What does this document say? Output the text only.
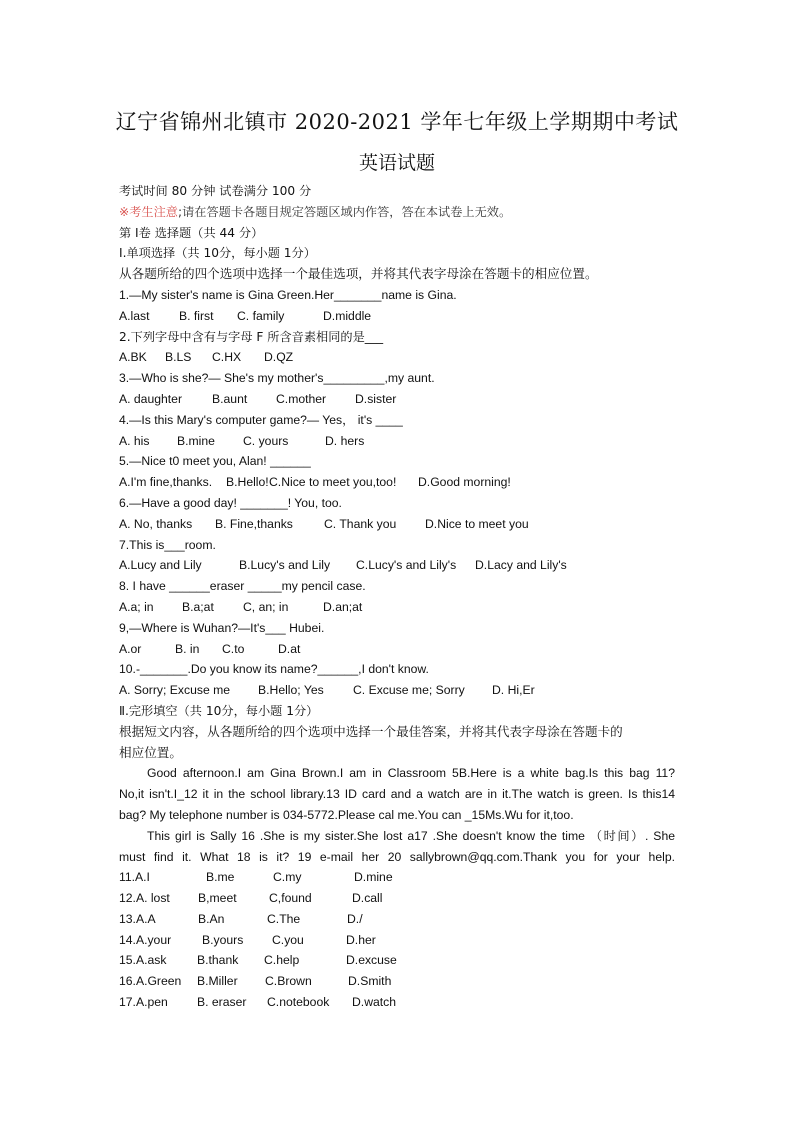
辽宁省锦州北镇市 2020-2021 学年七年级上学期期中考试
英语试题
考试时间 80 分钟 试卷满分 100 分
※考生注意;请在答题卡各题目规定答题区域内作答，答在本试卷上无效。
第 Ⅰ卷 选择题（共 44 分）
I.单项选择（共 10分，每小题 1分）
从各题所给的四个选项中选择一个最佳选项，并将其代表字母涂在答题卡的相应位置。
1.—My sister's name is Gina Green.Her_______name is Gina.
A.last B. first C. family	D.middle
2.下列字母中含有与字母 F 所含音素相同的是___
A.BK B.LS C.HX D.QZ
3.—Who is she?— She's my mother's_________,my aunt.
A. daughter B.aunt C.mother D.sister
4.—Is this Mary's computer game?— Yes， it's ____
A. his B.mine C. yours	D. hers
5.—Nice t0 meet you, Alan! ______
A.I'm fine,thanks. B.Hello!C.Nice to meet you,too! D.Good morning!
6.—Have a good day! _______! You, too.
A. No, thanks B. Fine,thanks	C. Thank you D.Nice to meet you
7.This is___room.
A.Lucy and Lily	B.Lucy's and Lily C.Lucy's and Lily's D.Lacy and Lily's
8. I have ______eraser _____my pencil case.
A.a; in B.a;at C, an; in	D.an;at
9,—Where is Wuhan?—It's___ Hubei.
A.or	B. in C.to	D.at
10.-_______.Do you know its name?______,I don't know.
A. Sorry; Excuse me B.Hello; Yes C. Excuse me; Sorry D. Hi,Er
Ⅱ.完形填空（共 10分，每小题 1分）
根据短文内容，从各题所给的四个选项中选择一个最佳答案，并将其代表字母涂在答题卡的
相应位置。
Good afternoon.I am Gina Brown.I am in Classroom 5B.Here is a white bag.Is this bag 11?
No,it isn't.I_12 it in the school library.13 ID card and a watch are in it.The watch is green. Is this14
bag? My telephone number is 034-5772.Please cal me.You can _15Ms.Wu for it,too.
This girl is Sally 16 .She is my sister.She lost a17 .She doesn't know the time （时间）. She
must find it. What 18 is it? 19 e-mail her 20 sallybrown@qq.com.Thank you for your help.
11.A.I	B.me	C.my	D.mine
12.A. lost B,meet	C,found	D.call
13.A.A	B.An	C.The	D./
14.A.your	B.yours C.you	D.her
15.A.ask	B.thank C.help	D.excuse
16.A.Green B.Miller C.Brown	D.Smith
17.A.pen B. eraser C.notebook D.watch
